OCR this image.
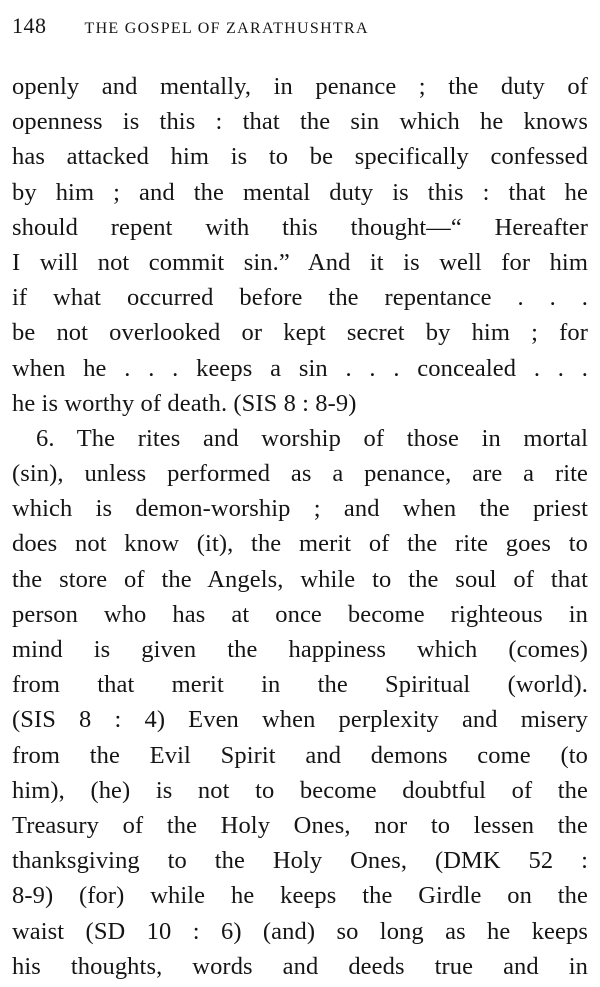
148 THE GOSPEL OF ZARATHUSHTRA
openly and mentally, in penance ; the duty of
openness is this : that the sin which he knows
has attacked him is to be specifically confessed
by him ; and the mental duty is this : that he
should repent with this thought—“ Hereafter
I will not commit sin.” And it is well for him
if what occurred before the repentance . . .
be not overlooked or kept secret by him ; for
when he . . . keeps a sin . . . concealed . . .
he is worthy of death. (SIS 8 : 8-9)
6. The rites and worship of those in mortal
(sin), unless performed as a penance, are a rite
which is demon-worship ; and when the priest
does not know (it), the merit of the rite goes to
the store of the Angels, while to the soul of that
person who has at once become righteous in
mind is given the happiness which (comes)
from that merit in the Spiritual (world).
(SIS 8 : 4) Even when perplexity and misery
from the Evil Spirit and demons come (to
him), (he) is not to become doubtful of the
Treasury of the Holy Ones, nor to lessen the
thanksgiving to the Holy Ones, (DMK 52 :
8-9) (for) while he keeps the Girdle on the
waist (SD 10 : 6) (and) so long as he keeps
his thoughts, words and deeds true and in
